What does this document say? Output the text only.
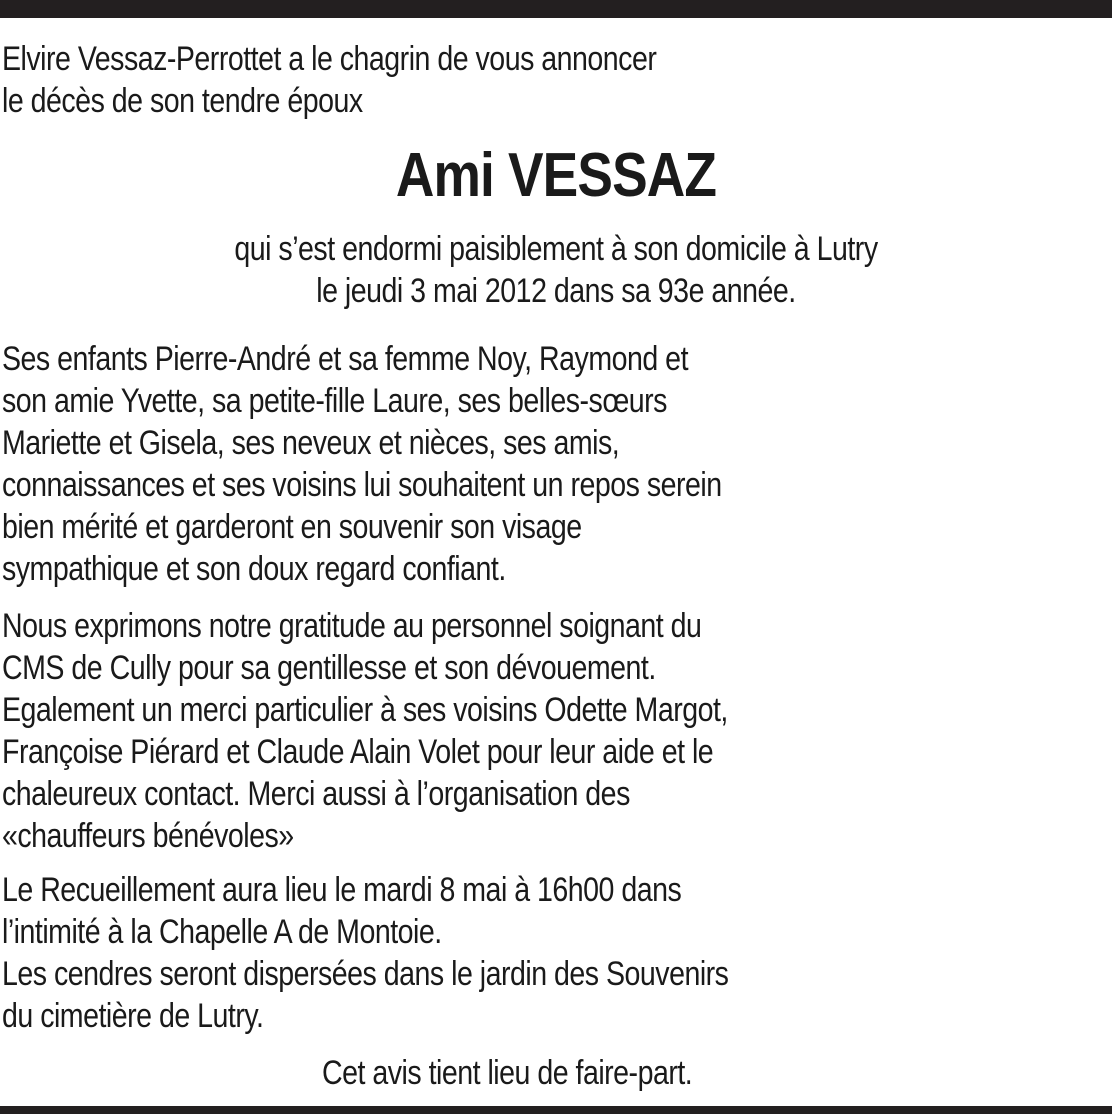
Elvire Vessaz-Perrottet a le chagrin de vous annoncer
le décès de son tendre époux
Ami VESSAZ
qui s’est endormi paisiblement à son domicile à Lutry
le jeudi 3 mai 2012 dans sa 93e année.
Ses enfants Pierre-André et sa femme Noy, Raymond et
son amie Yvette, sa petite-fille Laure, ses belles-sœurs
Mariette et Gisela, ses neveux et nièces, ses amis,
connaissances et ses voisins lui souhaitent un repos serein
bien mérité et garderont en souvenir son visage
sympathique et son doux regard confiant.
Nous exprimons notre gratitude au personnel soignant du
CMS de Cully pour sa gentillesse et son dévouement.
Egalement un merci particulier à ses voisins Odette Margot,
Françoise Piérard et Claude Alain Volet pour leur aide et le
chaleureux contact. Merci aussi à l’organisation des
«chauffeurs bénévoles»
Le Recueillement aura lieu le mardi 8 mai à 16h00 dans
l’intimité à la Chapelle A de Montoie.
Les cendres seront dispersées dans le jardin des Souvenirs
du cimetière de Lutry.
Cet avis tient lieu de faire-part.
